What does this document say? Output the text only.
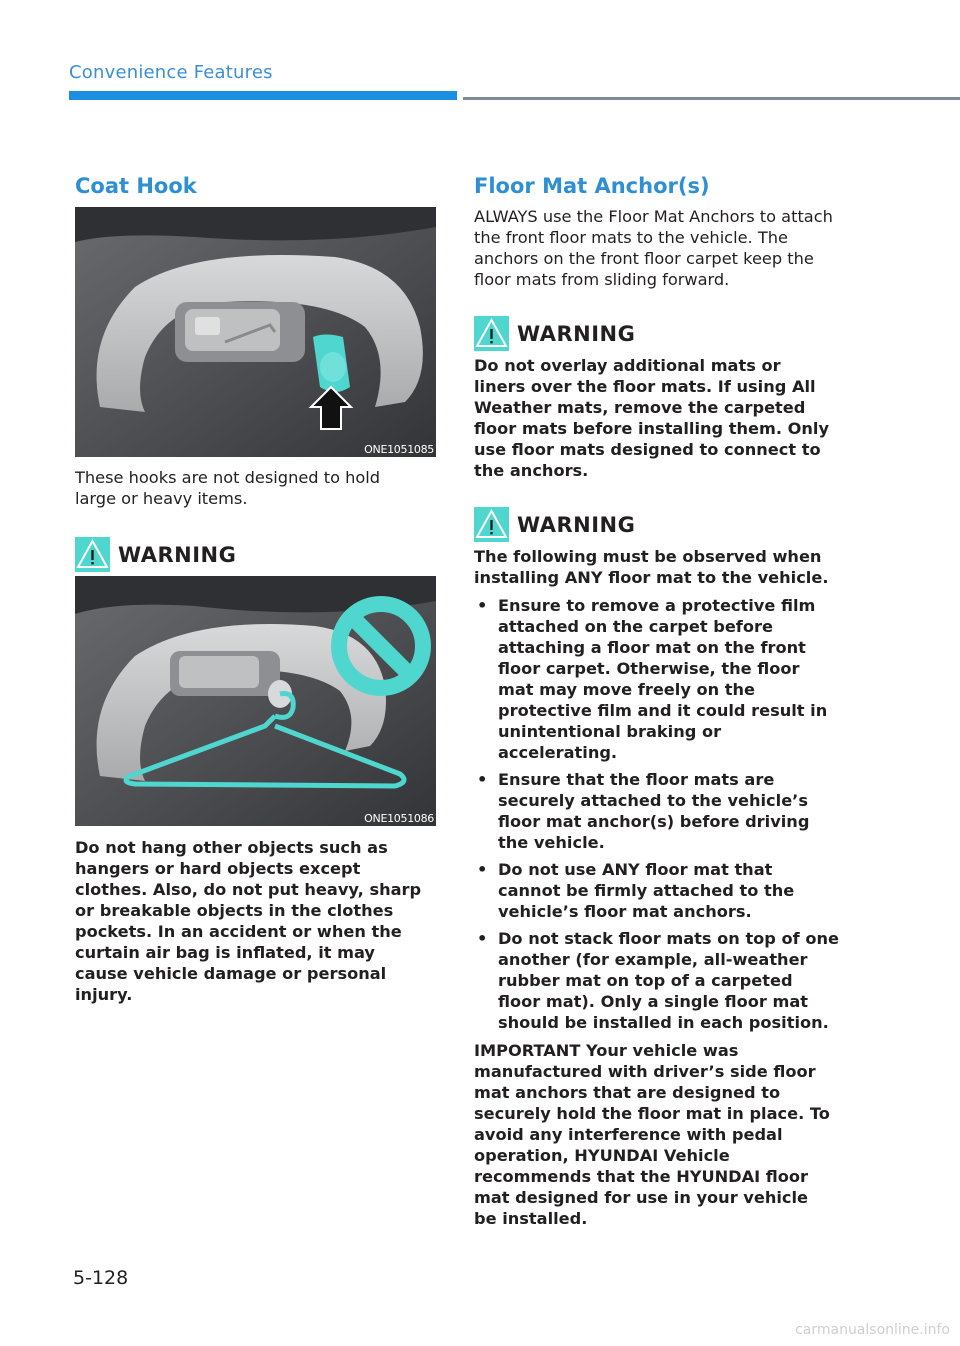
Convenience Features
Coat Hook
ONE1051085
These hooks are not designed to hold large or heavy items.
WARNING
ONE1051086
Do not hang other objects such as hangers or hard objects except clothes. Also, do not put heavy, sharp or breakable objects in the clothes pockets. In an accident or when the curtain air bag is inflated, it may cause vehicle damage or personal injury.
Floor Mat Anchor(s)
ALWAYS use the Floor Mat Anchors to attach the front floor mats to the vehicle. The anchors on the front floor carpet keep the floor mats from sliding forward.
WARNING
Do not overlay additional mats or liners over the floor mats. If using All Weather mats, remove the carpeted floor mats before installing them. Only use floor mats designed to connect to the anchors.
WARNING
The following must be observed when installing ANY floor mat to the vehicle.
• Ensure to remove a protective film attached on the carpet before attaching a floor mat on the front floor carpet. Otherwise, the floor mat may move freely on the protective film and it could result in unintentional braking or accelerating.
• Ensure that the floor mats are securely attached to the vehicle’s floor mat anchor(s) before driving the vehicle.
• Do not use ANY floor mat that cannot be firmly attached to the vehicle’s floor mat anchors.
• Do not stack floor mats on top of one another (for example, all-weather rubber mat on top of a carpeted floor mat). Only a single floor mat should be installed in each position.
IMPORTANT Your vehicle was manufactured with driver’s side floor mat anchors that are designed to securely hold the floor mat in place. To avoid any interference with pedal operation, HYUNDAI Vehicle recommends that the HYUNDAI floor mat designed for use in your vehicle be installed.
5-128
carmanualsonline.info
